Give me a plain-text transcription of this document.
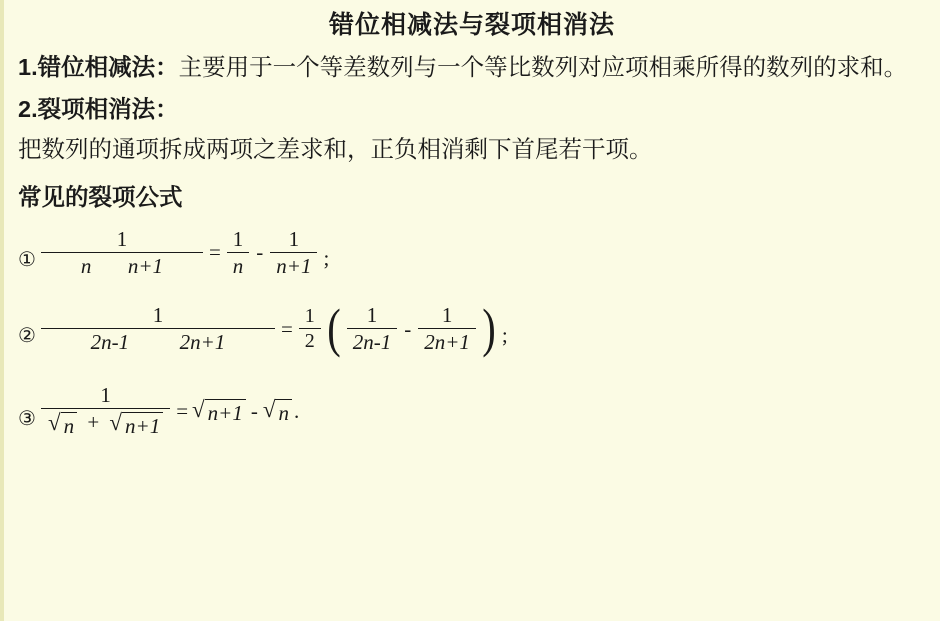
错位相减法与裂项相消法
1.错位相减法：主要用于一个等差数列与一个等比数列对应项相乘所得的数列的求和。
2.裂项相消法：
把数列的通项拆成两项之差求和，正负相消剩下首尾若干项。
常见的裂项公式
① $\frac{1}{\text{n n+1}} = \frac{1}{n} - \frac{1}{n+1}$ ;
② $\frac{1}{2n-1 2n+1} = \frac{1}{2}$ ( $\frac{1}{2n-1} - \frac{1}{2n+1}$ ) ;
③
1
√ n + √ n+1
= √ n+1 - √ n .
